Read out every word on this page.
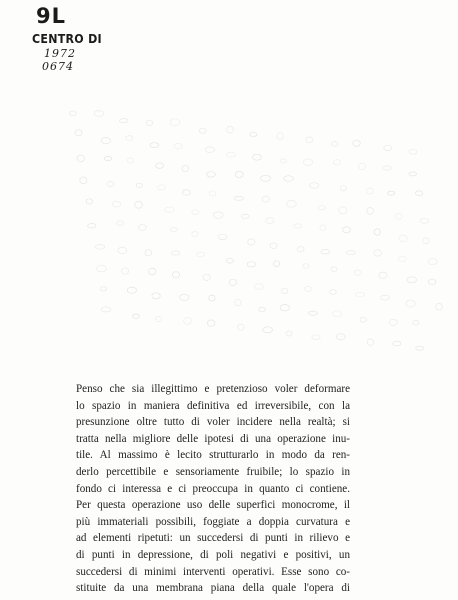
9L
CENTRO DI
1972
0674
Penso che sia illegittimo e pretenzioso voler deformare
lo spazio in maniera definitiva ed irreversibile, con la
presunzione oltre tutto di voler incidere nella realtà; si
tratta nella migliore delle ipotesi di una operazione inu-
tile. Al massimo è lecito strutturarlo in modo da ren-
derlo percettibile e sensoriamente fruibile; lo spazio in
fondo ci interessa e ci preoccupa in quanto ci contiene.
Per questa operazione uso delle superfici monocrome, il
più immateriali possibili, foggiate a doppia curvatura e
ad elementi ripetuti: un succedersi di punti in rilievo e
di punti in depressione, di poli negativi e positivi, un
succedersi di minimi interventi operativi. Esse sono co-
stituite da una membrana piana della quale l'opera di
